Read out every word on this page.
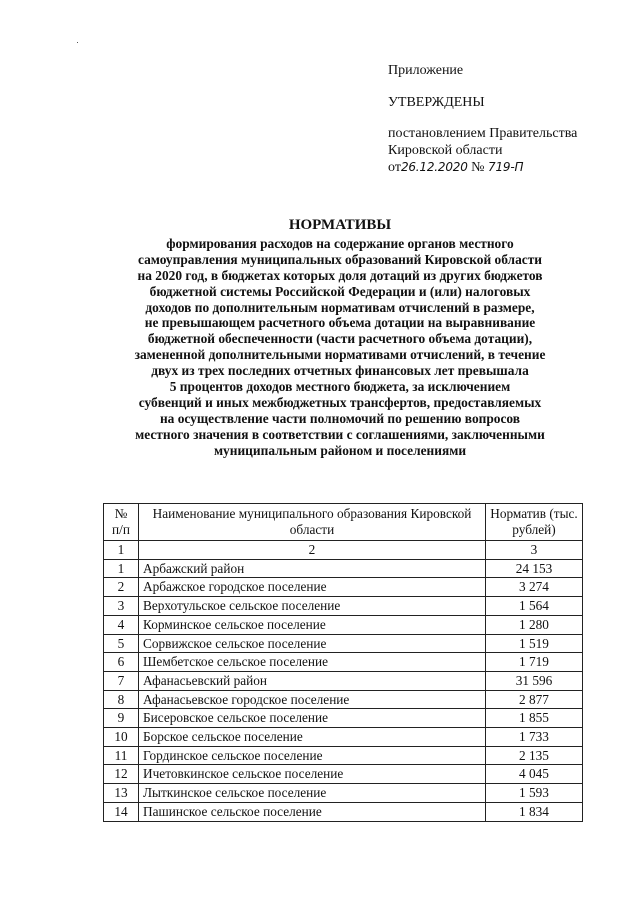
Приложение
УТВЕРЖДЕНЫ
постановлением Правительства
Кировской области
от26.12.2020 № 719-П
НОРМАТИВЫ
формирования расходов на содержание органов местного
самоуправления муниципальных образований Кировской области
на 2020 год, в бюджетах которых доля дотаций из других бюджетов
бюджетной системы Российской Федерации и (или) налоговых
доходов по дополнительным нормативам отчислений в размере,
не превышающем расчетного объема дотации на выравнивание
бюджетной обеспеченности (части расчетного объема дотации),
замененной дополнительными нормативами отчислений, в течение
двух из трех последних отчетных финансовых лет превышала
5 процентов доходов местного бюджета, за исключением
субвенций и иных межбюджетных трансфертов, предоставляемых
на осуществление части полномочий по решению вопросов
местного значения в соответствии с соглашениями, заключенными
муниципальным районом и поселениями
№ п/п	Наименование муниципального образования Кировской области	Норматив (тыс. рублей)
1	2	3
1	Арбажский район	24 153
2	Арбажское городское поселение	3 274
3	Верхотульское сельское поселение	1 564
4	Корминское сельское поселение	1 280
5	Сорвижское сельское поселение	1 519
6	Шембетское сельское поселение	1 719
7	Афанасьевский район	31 596
8	Афанасьевское городское поселение	2 877
9	Бисеровское сельское поселение	1 855
10	Борское сельское поселение	1 733
11	Гординское сельское поселение	2 135
12	Ичетовкинское сельское поселение	4 045
13	Лыткинское сельское поселение	1 593
14	Пашинское сельское поселение	1 834
